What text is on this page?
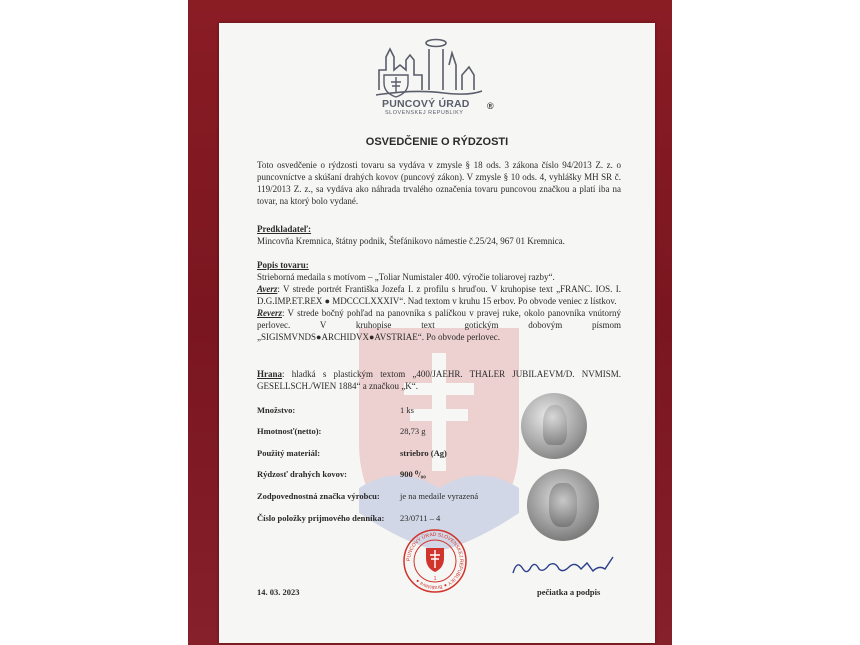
PUNCOVÝ ÚRAD
SLOVENSKEJ REPUBLIKY
®
OSVEDČENIE O RÝDZOSTI
Toto osvedčenie o rýdzosti tovaru sa vydáva v zmysle § 18 ods. 3 zákona číslo 94/2013 Z. z. o puncovníctve a skúšaní drahých kovov (puncový zákon). V zmysle § 10 ods. 4, vyhlášky MH SR č. 119/2013 Z. z., sa vydáva ako náhrada trvalého označenia tovaru puncovou značkou a platí iba na tovar, na ktorý bolo vydané.
Predkladateľ:
Mincovňa Kremnica, štátny podnik, Štefánikovo námestie č.25/24, 967 01 Kremnica.
Popis tovaru:
Strieborná medaila s motívom – „Toliar Numistaler 400. výročie toliarovej razby“.
Averz: V strede portrét Františka Jozefa I. z profilu s hruďou. V kruhopise text „FRANC. IOS. I. D.G.IMP.ET.REX ● MDCCCLXXXIV“. Nad textom v kruhu 15 erbov. Po obvode veniec z lístkov.
Reverz: V strede bočný pohľad na panovníka s palíčkou v pravej ruke, okolo panovníka vnútorný perlovec. V kruhopise text gotickým dobovým písmom „SIGISMVNDS●ARCHIDVX●AVSTRIAE“. Po obvode perlovec.
Hrana: hladká s plastickým textom „400/JAEHR. THALER JUBILAEVM/D. NVMISM. GESELLSCH./WIEN 1884“ a značkou „K“.
Množstvo:	1 ks
Hmotnosť(netto):	28,73 g
Použitý materiál:	striebro (Ag)
Rýdzosť drahých kovov:	900 ⁰/₀₀
Zodpovednostná značka výrobcu: je na medaile vyrazená
Číslo položky prijmového denníka: 23/0711 – 4
1
PUNCOVÝ ÚRAD SLOVENSKEJ REPUBLIKY ● Bratislava ●
14. 03. 2023	pečiatka a podpis
